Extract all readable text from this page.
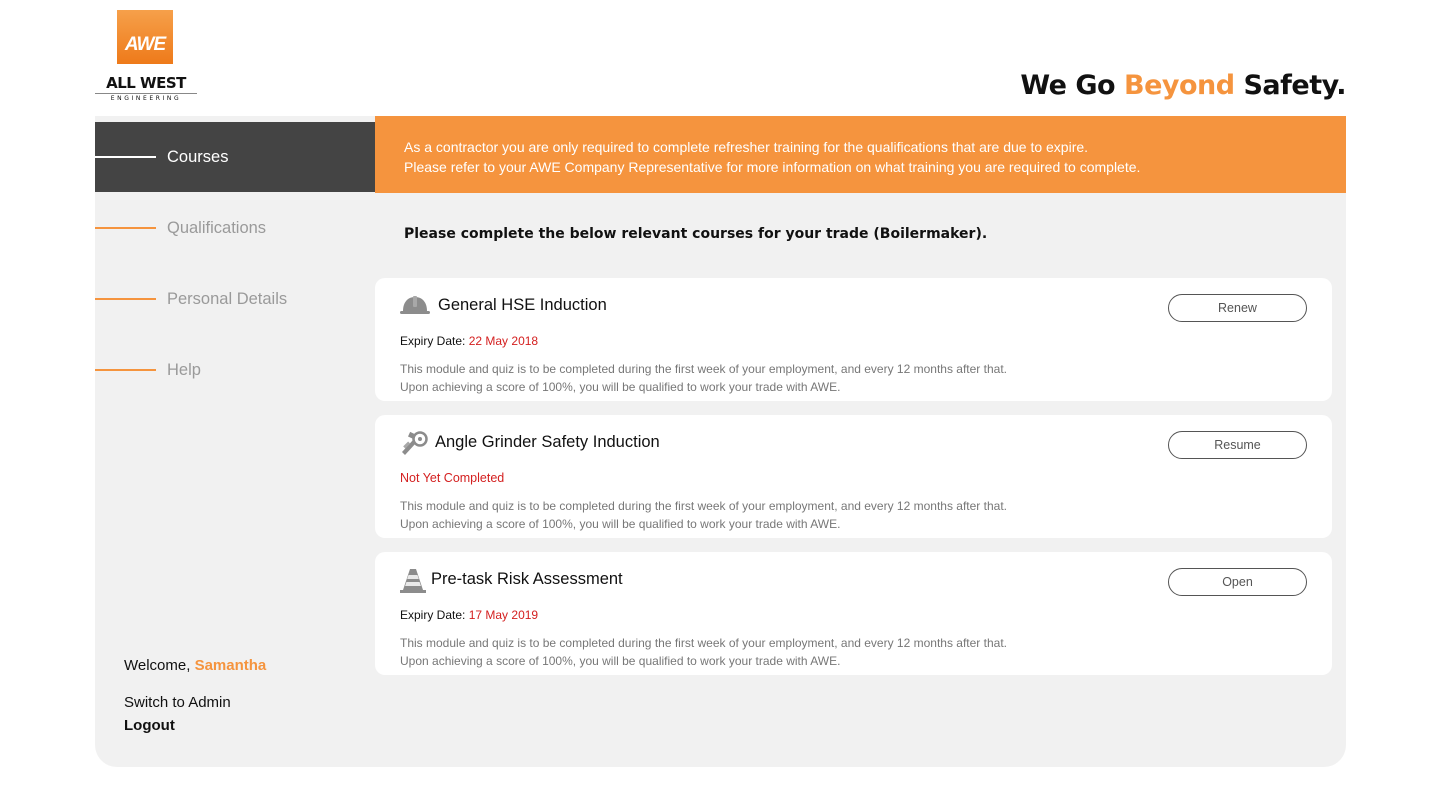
AWE
ALL WEST
ENGINEERING	We Go Beyond Safety.
Courses
Qualifications
Personal Details
Help
Welcome, Samantha
Switch to Admin
Logout
As a contractor you are only required to complete refresher training for the qualifications that are due to expire.
Please refer to your AWE Company Representative for more information on what training you are required to complete.
Please complete the below relevant courses for your trade (Boilermaker).
General HSE Induction
Expiry Date: 22 May 2018
This module and quiz is to be completed during the first week of your employment, and every 12 months after that.
Upon achieving a score of 100%, you will be qualified to work your trade with AWE.
Renew
Angle Grinder Safety Induction
Not Yet Completed
This module and quiz is to be completed during the first week of your employment, and every 12 months after that.
Upon achieving a score of 100%, you will be qualified to work your trade with AWE.
Resume
Pre-task Risk Assessment
Expiry Date: 17 May 2019
This module and quiz is to be completed during the first week of your employment, and every 12 months after that.
Upon achieving a score of 100%, you will be qualified to work your trade with AWE.
Open
